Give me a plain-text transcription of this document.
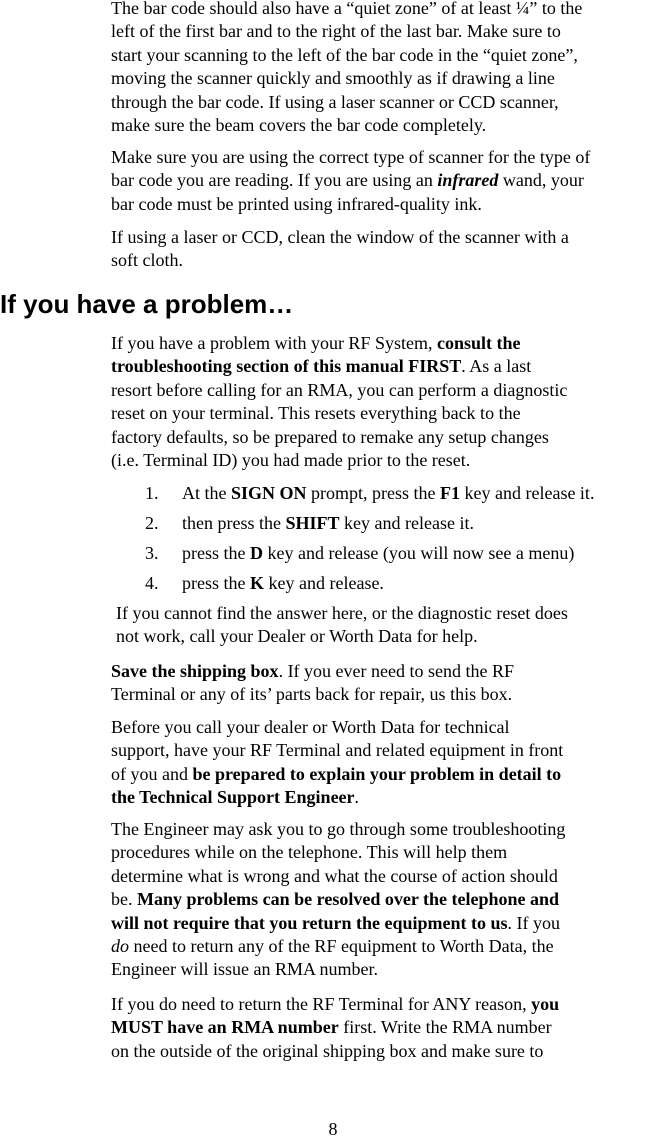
The bar code should also have a “quiet zone” of at least ¼” to the
left of the first bar and to the right of the last bar. Make sure to
start your scanning to the left of the bar code in the “quiet zone”,
moving the scanner quickly and smoothly as if drawing a line
through the bar code. If using a laser scanner or CCD scanner,
make sure the beam covers the bar code completely.
Make sure you are using the correct type of scanner for the type of
bar code you are reading. If you are using an infrared wand, your
bar code must be printed using infrared-quality ink.
If using a laser or CCD, clean the window of the scanner with a
soft cloth.
If you have a problem…
If you have a problem with your RF System, consult the
troubleshooting section of this manual FIRST. As a last
resort before calling for an RMA, you can perform a diagnostic
reset on your terminal. This resets everything back to the
factory defaults, so be prepared to remake any setup changes
(i.e. Terminal ID) you had made prior to the reset.
1. At the SIGN ON prompt, press the F1 key and release it.
2. then press the SHIFT key and release it.
3. press the D key and release (you will now see a menu)
4. press the K key and release.
If you cannot find the answer here, or the diagnostic reset does
not work, call your Dealer or Worth Data for help.
Save the shipping box. If you ever need to send the RF
Terminal or any of its’ parts back for repair, us this box.
Before you call your dealer or Worth Data for technical
support, have your RF Terminal and related equipment in front
of you and be prepared to explain your problem in detail to
the Technical Support Engineer.
The Engineer may ask you to go through some troubleshooting
procedures while on the telephone. This will help them
determine what is wrong and what the course of action should
be. Many problems can be resolved over the telephone and
will not require that you return the equipment to us. If you
do need to return any of the RF equipment to Worth Data, the
Engineer will issue an RMA number.
If you do need to return the RF Terminal for ANY reason, you
MUST have an RMA number first. Write the RMA number
on the outside of the original shipping box and make sure to
8
